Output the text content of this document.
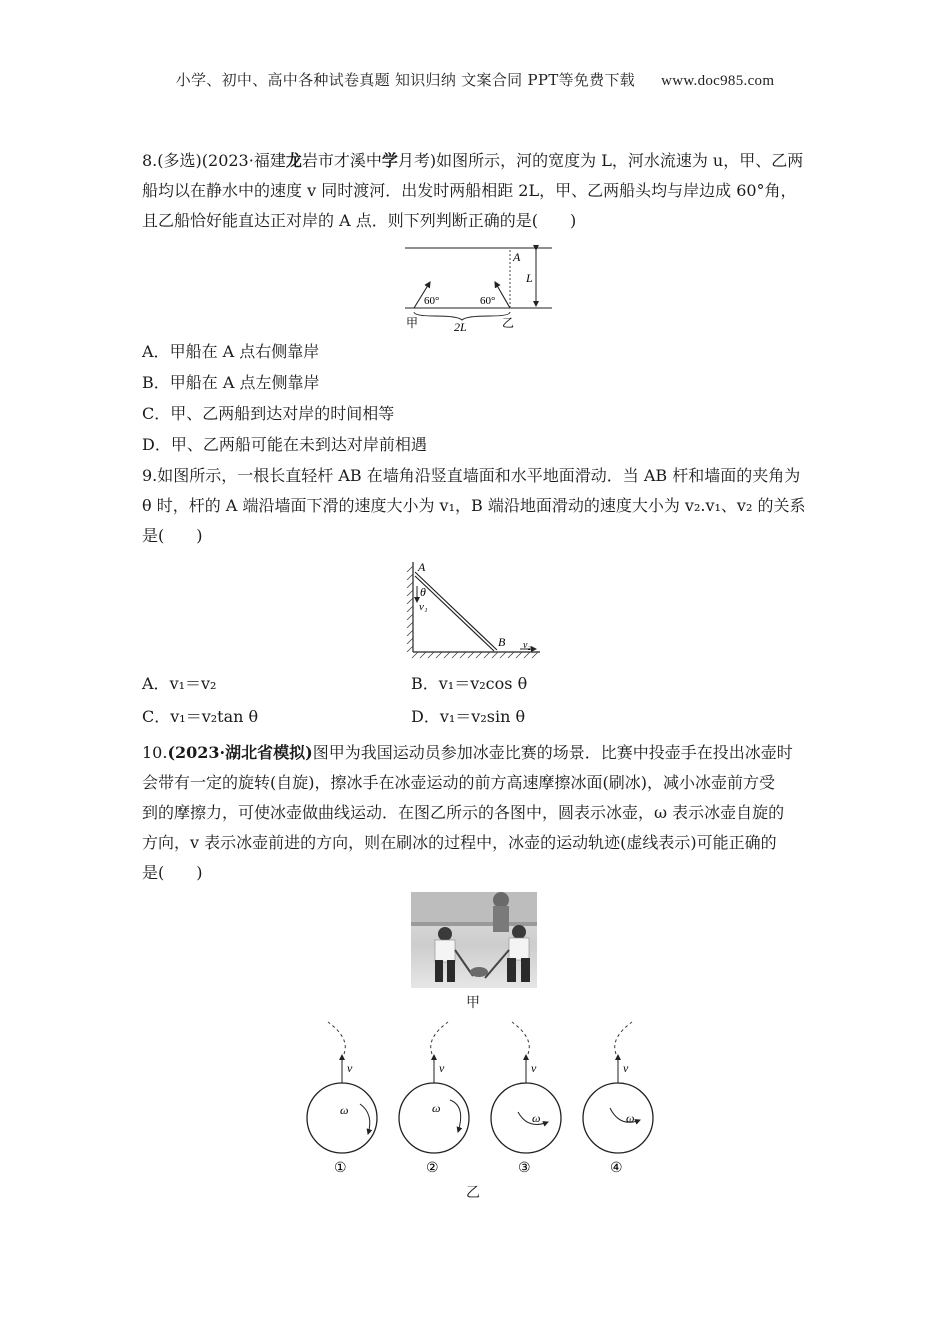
小学、初中、高中各种试卷真题 知识归纳 文案合同 PPT等免费下载 www.doc985.com
8.(多选)(2023·福建龙岩市才溪中学月考)如图所示，河的宽度为 L，河水流速为 u，甲、乙两
船均以在静水中的速度 v 同时渡河．出发时两船相距 2L，甲、乙两船头均与岸边成 60°角，
且乙船恰好能直达正对岸的 A 点．则下列判断正确的是(　　)
A
L
60°	60°
甲	2L	乙
A．甲船在 A 点右侧靠岸
B．甲船在 A 点左侧靠岸
C．甲、乙两船到达对岸的时间相等
D．甲、乙两船可能在未到达对岸前相遇
9.如图所示，一根长直轻杆 AB 在墙角沿竖直墙面和水平地面滑动．当 AB 杆和墙面的夹角为
θ 时，杆的 A 端沿墙面下滑的速度大小为 v₁，B 端沿地面滑动的速度大小为 v₂.v₁、v₂ 的关系
是(　　)
A
θ
v₁
B v₂
A．v₁＝v₂	B．v₁＝v₂cos θ
C．v₁＝v₂tan θ	D．v₁＝v₂sin θ
10.(2023·湖北省模拟)图甲为我国运动员参加冰壶比赛的场景．比赛中投壶手在投出冰壶时
会带有一定的旋转(自旋)，擦冰手在冰壶运动的前方高速摩擦冰面(刷冰)，减小冰壶前方受
到的摩擦力，可使冰壶做曲线运动．在图乙所示的各图中，圆表示冰壶，ω 表示冰壶自旋的
方向，v 表示冰壶前进的方向，则在刷冰的过程中，冰壶的运动轨迹(虚线表示)可能正确的
是(　　)
甲
v
ω
①
v
ω
②
v
ω
③
v
ω
④
乙
